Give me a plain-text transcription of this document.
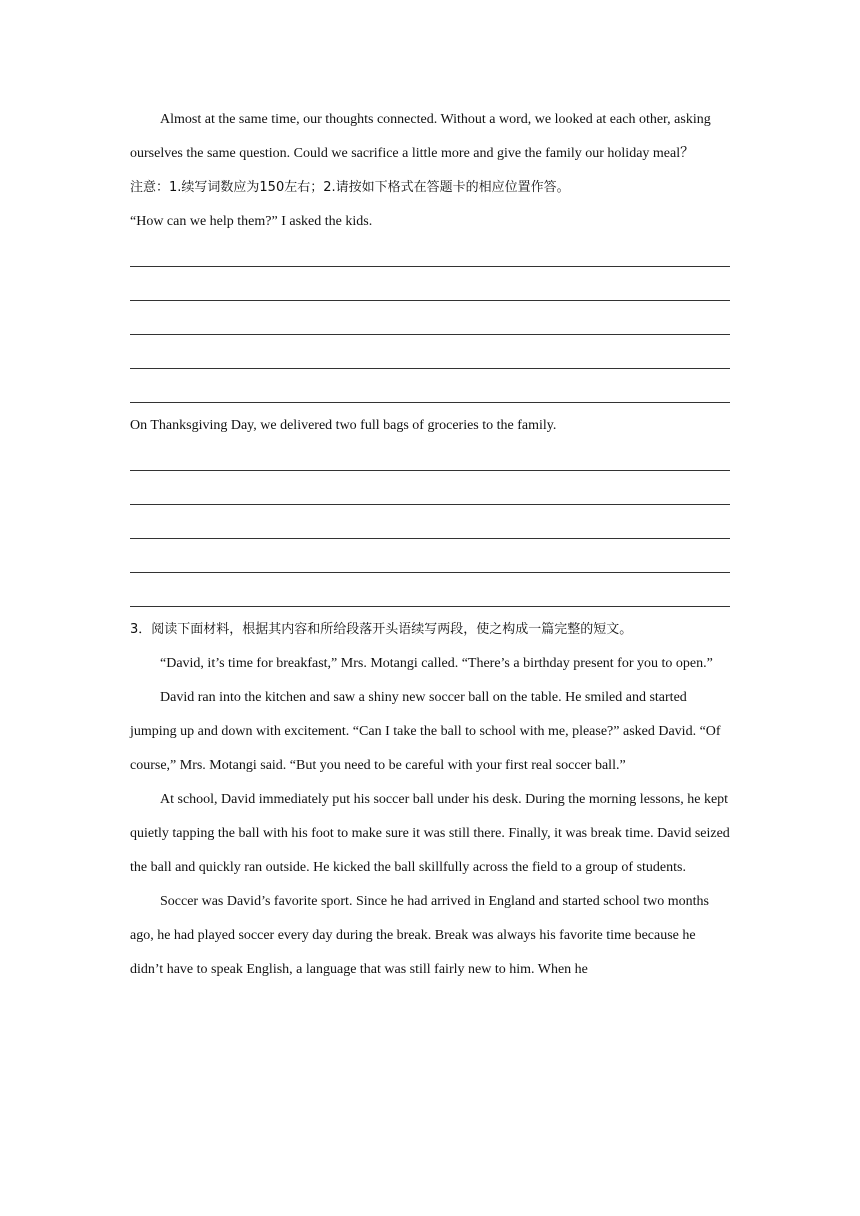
Almost at the same time, our thoughts connected. Without a word, we looked at each other, asking ourselves the same question. Could we sacrifice a little more and give the family our holiday meal？

注意：1.续写词数应为150左右；2.请按如下格式在答题卡的相应位置作答。

“How can we help them?” I asked the kids.

On Thanksgiving Day, we delivered two full bags of groceries to the family.

3．阅读下面材料，根据其内容和所给段落开头语续写两段，使之构成一篇完整的短文。

“David, it’s time for breakfast,” Mrs. Motangi called. “There’s a birthday present for you to open.”

David ran into the kitchen and saw a shiny new soccer ball on the table. He smiled and started jumping up and down with excitement. “Can I take the ball to school with me, please?” asked David. “Of course,” Mrs. Motangi said. “But you need to be careful with your first real soccer ball.”

At school, David immediately put his soccer ball under his desk. During the morning lessons, he kept quietly tapping the ball with his foot to make sure it was still there. Finally, it was break time. David seized the ball and quickly ran outside. He kicked the ball skillfully across the field to a group of students.

Soccer was David’s favorite sport. Since he had arrived in England and started school two months ago, he had played soccer every day during the break. Break was always his favorite time because he didn’t have to speak English, a language that was still fairly new to him. When he
